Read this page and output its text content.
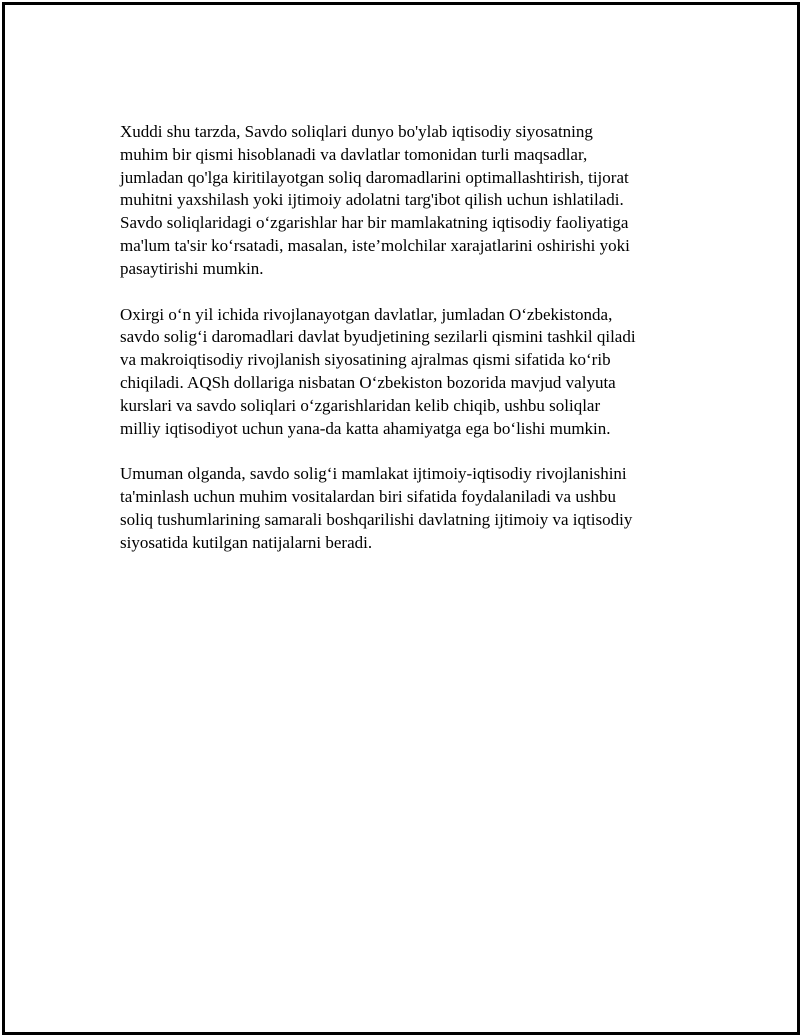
Xuddi shu tarzda, Savdo soliqlari dunyo bo'ylab iqtisodiy siyosatning
muhim bir qismi hisoblanadi va davlatlar tomonidan turli maqsadlar,
jumladan qo'lga kiritilayotgan soliq daromadlarini optimallashtirish, tijorat
muhitni yaxshilash yoki ijtimoiy adolatni targ'ibot qilish uchun ishlatiladi.
Savdo soliqlaridagi o‘zgarishlar har bir mamlakatning iqtisodiy faoliyatiga
ma'lum ta'sir ko‘rsatadi, masalan, iste’molchilar xarajatlarini oshirishi yoki
pasaytirishi mumkin.

Oxirgi o‘n yil ichida rivojlanayotgan davlatlar, jumladan O‘zbekistonda,
savdo solig‘i daromadlari davlat byudjetining sezilarli qismini tashkil qiladi
va makroiqtisodiy rivojlanish siyosatining ajralmas qismi sifatida ko‘rib
chiqiladi. AQSh dollariga nisbatan O‘zbekiston bozorida mavjud valyuta
kurslari va savdo soliqlari o‘zgarishlaridan kelib chiqib, ushbu soliqlar
milliy iqtisodiyot uchun yana-da katta ahamiyatga ega bo‘lishi mumkin.

Umuman olganda, savdo solig‘i mamlakat ijtimoiy-iqtisodiy rivojlanishini
ta'minlash uchun muhim vositalardan biri sifatida foydalaniladi va ushbu
soliq tushumlarining samarali boshqarilishi davlatning ijtimoiy va iqtisodiy
siyosatida kutilgan natijalarni beradi.
